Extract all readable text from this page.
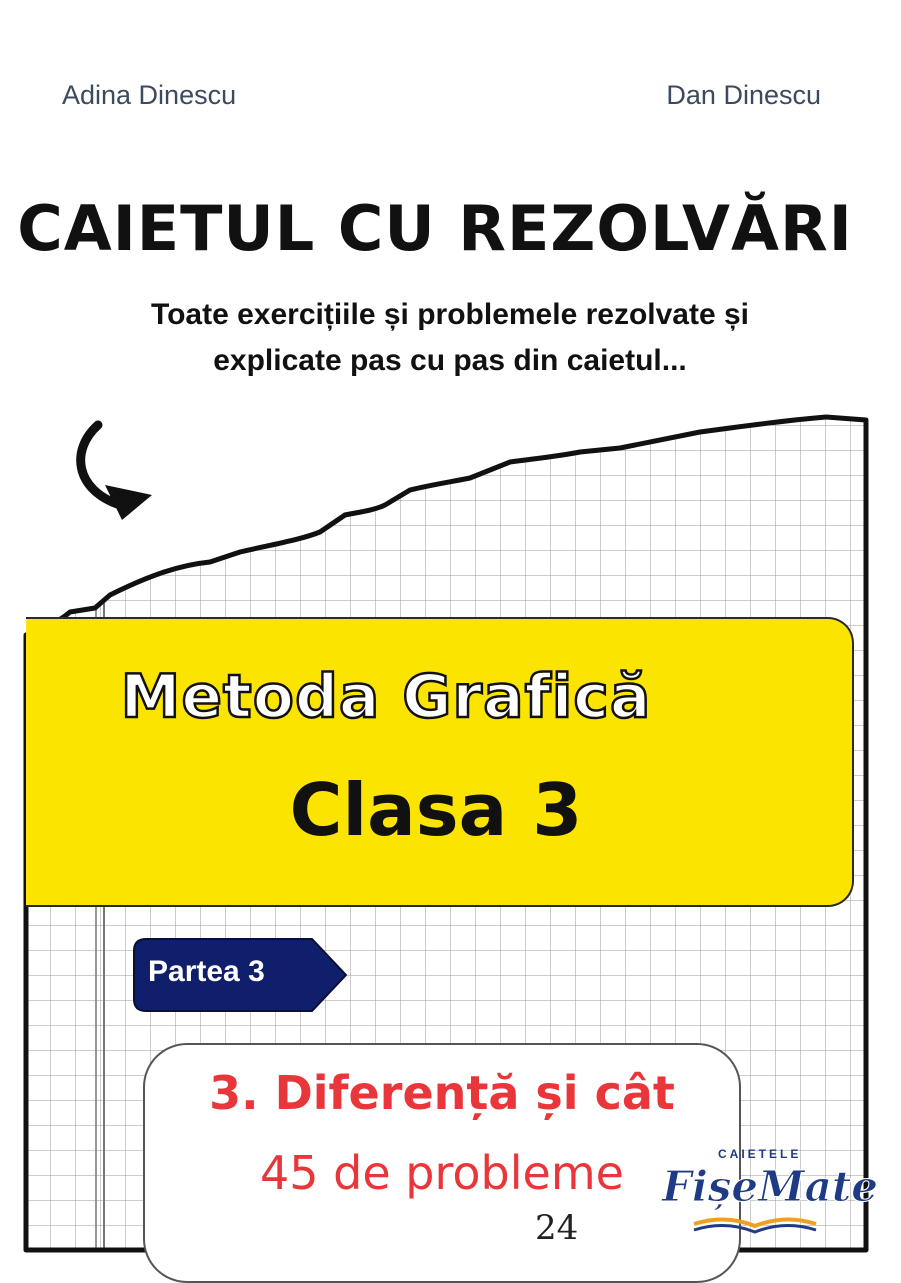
Adina Dinescu	Dan Dinescu
CAIETUL CU REZOLVĂRI
Toate exercițiile și problemele rezolvate și
explicate pas cu pas din caietul...
Metoda Grafică
Clasa 3
Partea 3
3. Diferență și cât
45 de probleme
24
CAIETELE
FișeMate
